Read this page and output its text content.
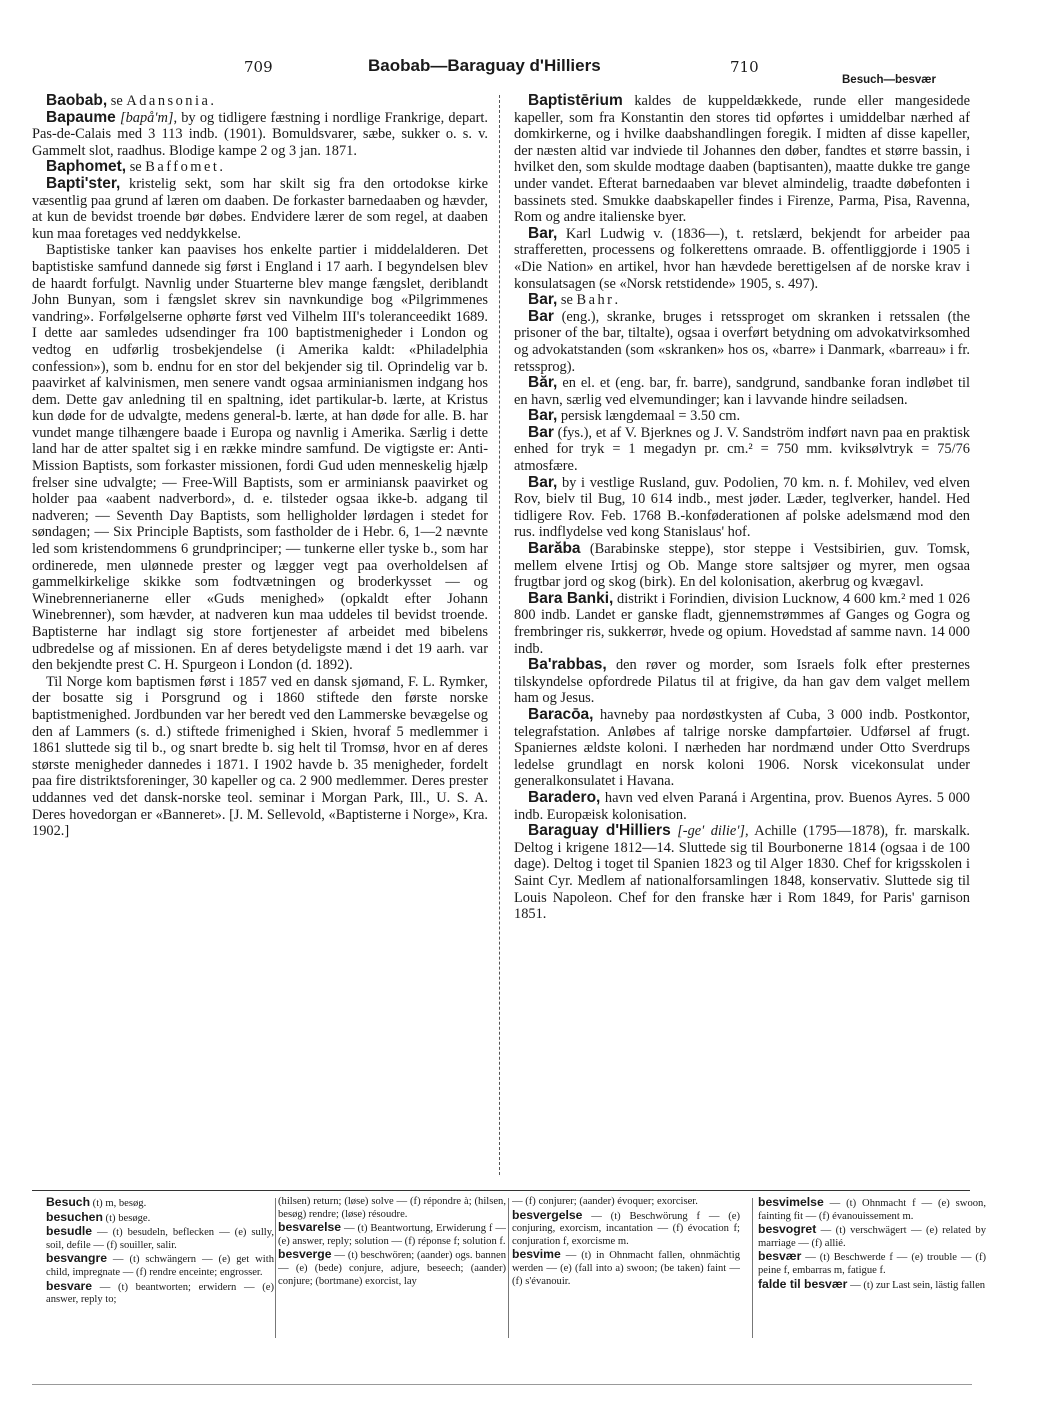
709	Baobab—Baraguay d'Hilliers	710
Besuch—besvær

Baobab, se Adansonia.

Bapaume [bapå'm], by og tidligere fæstning i nordlige Frankrige, depart. Pas-de-Calais med 3 113 indb. (1901). Bomuldsvarer, sæbe, sukker o. s. v. Gammelt slot, raadhus. Blodige kampe 2 og 3 jan. 1871.

Baphomet, se Baffomet.

Bapti'ster, kristelig sekt, som har skilt sig fra den ortodokse kirke væsentlig paa grund af læren om daaben. De forkaster barnedaaben og hævder, at kun de bevidst troende bør døbes. Endvidere lærer de som regel, at daaben kun maa foretages ved neddykkelse.

Baptistiske tanker kan paavises hos enkelte partier i middelalderen. Det baptistiske samfund dannede sig først i England i 17 aarh. I begyndelsen blev de haardt forfulgt. Navnlig under Stuarterne blev mange fængslet, deriblandt John Bunyan, som i fængslet skrev sin navnkundige bog «Pilgrimmenes vandring». Forfølgelserne ophørte først ved Vilhelm III's toleranceedikt 1689. I dette aar samledes udsendinger fra 100 baptistmenigheder i London og vedtog en udførlig trosbekjendelse (i Amerika kaldt: «Philadelphia confession»), som b. endnu for en stor del bekjender sig til. Oprindelig var b. paavirket af kalvinismen, men senere vandt ogsaa arminianismen indgang hos dem. Dette gav anledning til en spaltning, idet partikular-b. lærte, at Kristus kun døde for de udvalgte, medens general-b. lærte, at han døde for alle. B. har vundet mange tilhængere baade i Europa og navnlig i Amerika. Særlig i dette land har de atter spaltet sig i en række mindre samfund. De vigtigste er: Anti-Mission Baptists, som forkaster missionen, fordi Gud uden menneskelig hjælp frelser sine udvalgte; — Free-Will Baptists, som er arminiansk paavirket og holder paa «aabent nadverbord», d. e. tilsteder ogsaa ikke-b. adgang til nadveren; — Seventh Day Baptists, som helligholder lørdagen i stedet for søndagen; — Six Principle Baptists, som fastholder de i Hebr. 6, 1—2 nævnte led som kristendommens 6 grundprinciper; — tunkerne eller tyske b., som har ordinerede, men ulønnede prester og lægger vegt paa overholdelsen af gammelkirkelige skikke som fodtvætningen og broderkysset — og Winebrennerianerne eller «Guds menighed» (opkaldt efter Johann Winebrenner), som hævder, at nadveren kun maa uddeles til bevidst troende. Baptisterne har indlagt sig store fortjenester af arbeidet med bibelens udbredelse og af missionen. En af deres betydeligste mænd i det 19 aarh. var den bekjendte prest C. H. Spurgeon i London (d. 1892).

Til Norge kom baptismen først i 1857 ved en dansk sjømand, F. L. Rymker, der bosatte sig i Porsgrund og i 1860 stiftede den første norske baptistmenighed. Jordbunden var her beredt ved den Lammerske bevægelse og den af Lammers (s. d.) stiftede frimenighed i Skien, hvoraf 5 medlemmer i 1861 sluttede sig til b., og snart bredte b. sig helt til Tromsø, hvor en af deres største menigheder dannedes i 1871. I 1902 havde b. 35 menigheder, fordelt paa fire distriktsforeninger, 30 kapeller og ca. 2 900 medlemmer. Deres prester uddannes ved det dansk-norske teol. seminar i Morgan Park, Ill., U. S. A. Deres hovedorgan er «Banneret». [J. M. Sellevold, «Baptisterne i Norge», Kra. 1902.]

Baptistērium kaldes de kuppeldækkede, runde eller mangesidede kapeller, som fra Konstantin den stores tid opførtes i umiddelbar nærhed af domkirkerne, og i hvilke daabshandlingen foregik. I midten af disse kapeller, der næsten altid var indviede til Johannes den døber, fandtes et større bassin, i hvilket den, som skulde modtage daaben (baptisanten), maatte dukke tre gange under vandet. Efterat barnedaaben var blevet almindelig, traadte døbefonten i bassinets sted. Smukke daabskapeller findes i Firenze, Parma, Pisa, Ravenna, Rom og andre italienske byer.

Bar, Karl Ludwig v. (1836—), t. retslærd, bekjendt for arbeider paa strafferetten, processens og folkerettens omraade. B. offentliggjorde i 1905 i «Die Nation» en artikel, hvor han hævdede berettigelsen af de norske krav i konsulatsagen (se «Norsk retstidende» 1905, s. 497).

Bar, se Bahr.

Bar (eng.), skranke, bruges i retssproget om skranken i retssalen (the prisoner of the bar, tiltalte), ogsaa i overført betydning om advokatvirksomhed og advokatstanden (som «skranken» hos os, «barre» i Danmark, «barreau» i fr. retssprog).

Băr, en el. et (eng. bar, fr. barre), sandgrund, sandbanke foran indløbet til en havn, særlig ved elvemundinger; kan i lavvande hindre seiladsen.

Bar, persisk længdemaal = 3.50 cm.

Bar (fys.), et af V. Bjerknes og J. V. Sandström indført navn paa en praktisk enhed for tryk = 1 megadyn pr. cm.² = 750 mm. kviksølvtryk = 75/76 atmosfære.

Bar, by i vestlige Rusland, guv. Podolien, 70 km. n. f. Mohilev, ved elven Rov, bielv til Bug, 10 614 indb., mest jøder. Læder, teglverker, handel. Hed tidligere Rov. Feb. 1768 B.-konføderationen af polske adelsmænd mod den rus. indflydelse ved kong Stanislaus' hof.

Barăba (Barabinske steppe), stor steppe i Vestsibirien, guv. Tomsk, mellem elvene Irtisj og Ob. Mange store saltsjøer og myrer, men ogsaa frugtbar jord og skog (birk). En del kolonisation, akerbrug og kvægavl.

Bara Banki, distrikt i Forindien, division Lucknow, 4 600 km.² med 1 026 800 indb. Landet er ganske fladt, gjennemstrømmes af Ganges og Gogra og frembringer ris, sukkerrør, hvede og opium. Hovedstad af samme navn. 14 000 indb.

Ba'rabbas, den røver og morder, som Israels folk efter presternes tilskyndelse opfordrede Pilatus til at frigive, da han gav dem valget mellem ham og Jesus.

Baracōa, havneby paa nordøstkysten af Cuba, 3 000 indb. Postkontor, telegrafstation. Anløbes af talrige norske dampfartøier. Udførsel af frugt. Spaniernes ældste koloni. I nærheden har nordmænd under Otto Sverdrups ledelse grundlagt en norsk koloni 1906. Norsk vicekonsulat under generalkonsulatet i Havana.

Baradero, havn ved elven Paraná i Argentina, prov. Buenos Ayres. 5 000 indb. Europæisk kolonisation.

Baraguay d'Hilliers [-ge' dilie'], Achille (1795—1878), fr. marskalk. Deltog i krigene 1812—14. Sluttede sig til Bourbonerne 1814 (ogsaa i de 100 dage). Deltog i toget til Spanien 1823 og til Alger 1830. Chef for krigsskolen i Saint Cyr. Medlem af nationalforsamlingen 1848, konservativ. Sluttede sig til Louis Napoleon. Chef for den franske hær i Rom 1849, for Paris' garnison 1851.

Besuch (t) m, besøg.

besuchen (t) besøge.

besudle — (t) besudeln, beflecken — (e) sully, soil, defile — (f) souiller, salir.

besvangre — (t) schwängern — (e) get with child, impregnate — (f) rendre enceinte; engrosser.

besvare — (t) beantworten; erwidern — (e) answer, reply to;

(hilsen) return; (løse) solve — (f) répondre à; (hilsen, besøg) rendre; (løse) résoudre.

besvarelse — (t) Beantwortung, Erwiderung f — (e) answer, reply; solution — (f) réponse f; solution f.

besverge — (t) beschwören; (aander) ogs. bannen — (e) (bede) conjure, adjure, beseech; (aander) conjure; (bortmane) exorcist, lay

— (f) conjurer; (aander) évoquer; exorciser.

besvergelse — (t) Beschwörung f — (e) conjuring, exorcism, incantation — (f) évocation f; conjuration f, exorcisme m.

besvime — (t) in Ohnmacht fallen, ohnmächtig werden — (e) (fall into a) swoon; (be taken) faint — (f) s'évanouir.

besvimelse — (t) Ohnmacht f — (e) swoon, fainting fit — (f) évanouissement m.

besvogret — (t) verschwägert — (e) related by marriage — (f) allié.

besvær — (t) Beschwerde f — (e) trouble — (f) peine f, embarras m, fatigue f.

falde til besvær — (t) zur Last sein, lästig fallen
